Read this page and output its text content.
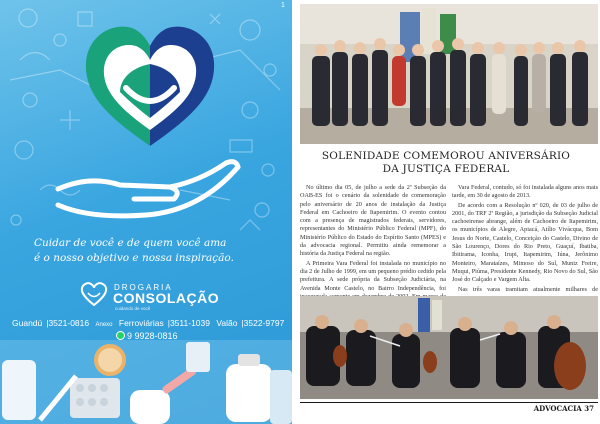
1
Cuidar de você e de quem você ama
é o nosso objetivo e nossa inspiração.
DROGARIA
CONSOLAÇÃO
cuidando de você
Guandú |3521-0816 Anexo Ferroviárias |3511-1039 Valão |3522-9797
9 9928-0816
SOLENIDADE COMEMOROU ANIVERSÁRIO
DA JUSTIÇA FEDERAL

No último dia 05, de julho a sede da 2ª Subseção da OAB-ES foi o cenário da solenidade de comemoração pelo aniversário de 20 anos de instalação da Justiça Federal em Cachoeiro de Itapemirim. O evento contou com a presença de magistrados federais, servidores, representantes do Ministério Público Federal (MPF), do Ministério Público do Estado do Espírito Santo (MPES) e da advocacia regional. Permitiu ainda rememorar a história da Justiça Federal na região.

A Primeira Vara Federal foi instalada no município no dia 2 de Julho de 1999, em um pequeno prédio cedido pela prefeitura. A sede própria da Subseção Judiciária, na Avenida Monte Castelo, no Bairro Independência, foi

Vara Federal, contudo, só foi instalada alguns anos mais tarde, em 30 de agosto de 2013.

De acordo com a Resolução nº 020, de 03 de julho de 2001, do TRF 2ª Região, a jurisdição da Subseção Judicial cachoeirense abrange, além de Cachoeiro de Itapemirim, os municípios de Alegre, Apiacá, Atílio Vivácqua, Bom Jesus do Norte, Castelo, Conceição do Castelo, Divino de São Lourenço, Dores do Rio Preto, Guaçuí, Ibatiba, Ibitirama, Iconha, Irupi, Itapemirim, Iúna, Jerônimo Monteiro, Marataízes, Mimoso do Sul, Muniz Freire, Muqui, Piúma, Presidente Kennedy, Rio Novo do Sul, São José do Calçado e Vargem Alta.

Nas três varas tramitam atualmente milhares de

ADVOCACIA 37
